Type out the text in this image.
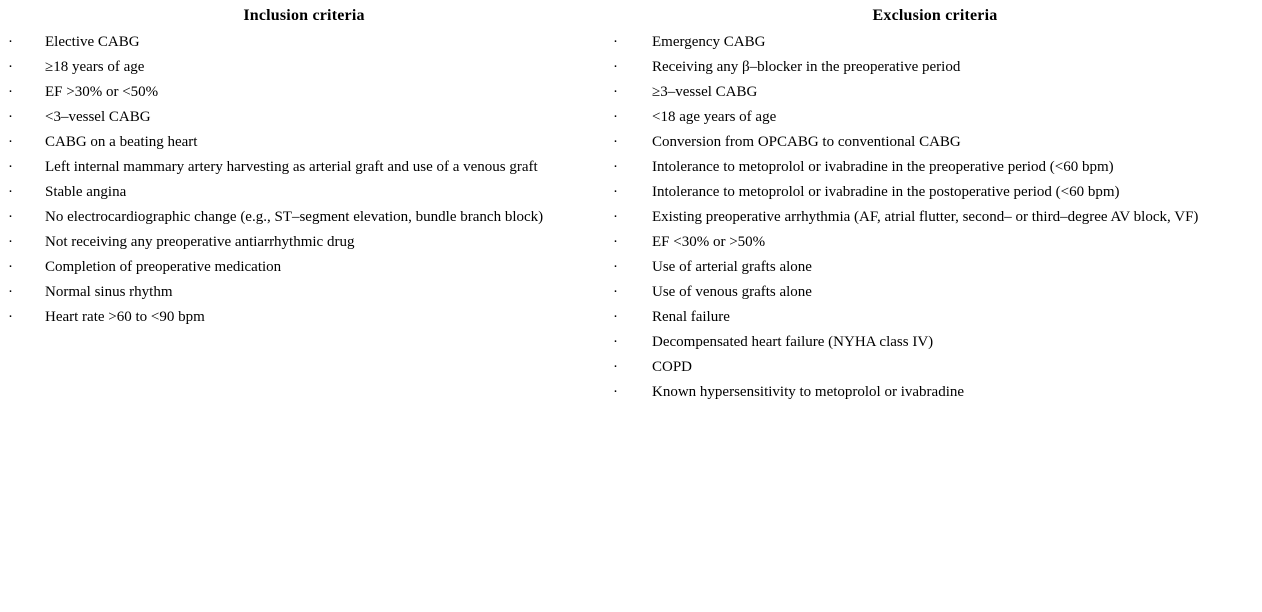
Inclusion criteria
· Elective CABG
· ≥18 years of age
· EF >30% or <50%
· <3–vessel CABG
· CABG on a beating heart
· Left internal mammary artery harvesting as arterial graft and use of a venous graft
· Stable angina
· No electrocardiographic change (e.g., ST–segment elevation, bundle branch block)
· Not receiving any preoperative antiarrhythmic drug
· Completion of preoperative medication
· Normal sinus rhythm
· Heart rate >60 to <90 bpm
Exclusion criteria
· Emergency CABG
· Receiving any β–blocker in the preoperative period
· ≥3–vessel CABG
· <18 age years of age
· Conversion from OPCABG to conventional CABG
· Intolerance to metoprolol or ivabradine in the preoperative period (<60 bpm)
· Intolerance to metoprolol or ivabradine in the postoperative period (<60 bpm)
· Existing preoperative arrhythmia (AF, atrial flutter, second– or third–degree AV block, VF)
· EF <30% or >50%
· Use of arterial grafts alone
· Use of venous grafts alone
· Renal failure
· Decompensated heart failure (NYHA class IV)
· COPD
· Known hypersensitivity to metoprolol or ivabradine
